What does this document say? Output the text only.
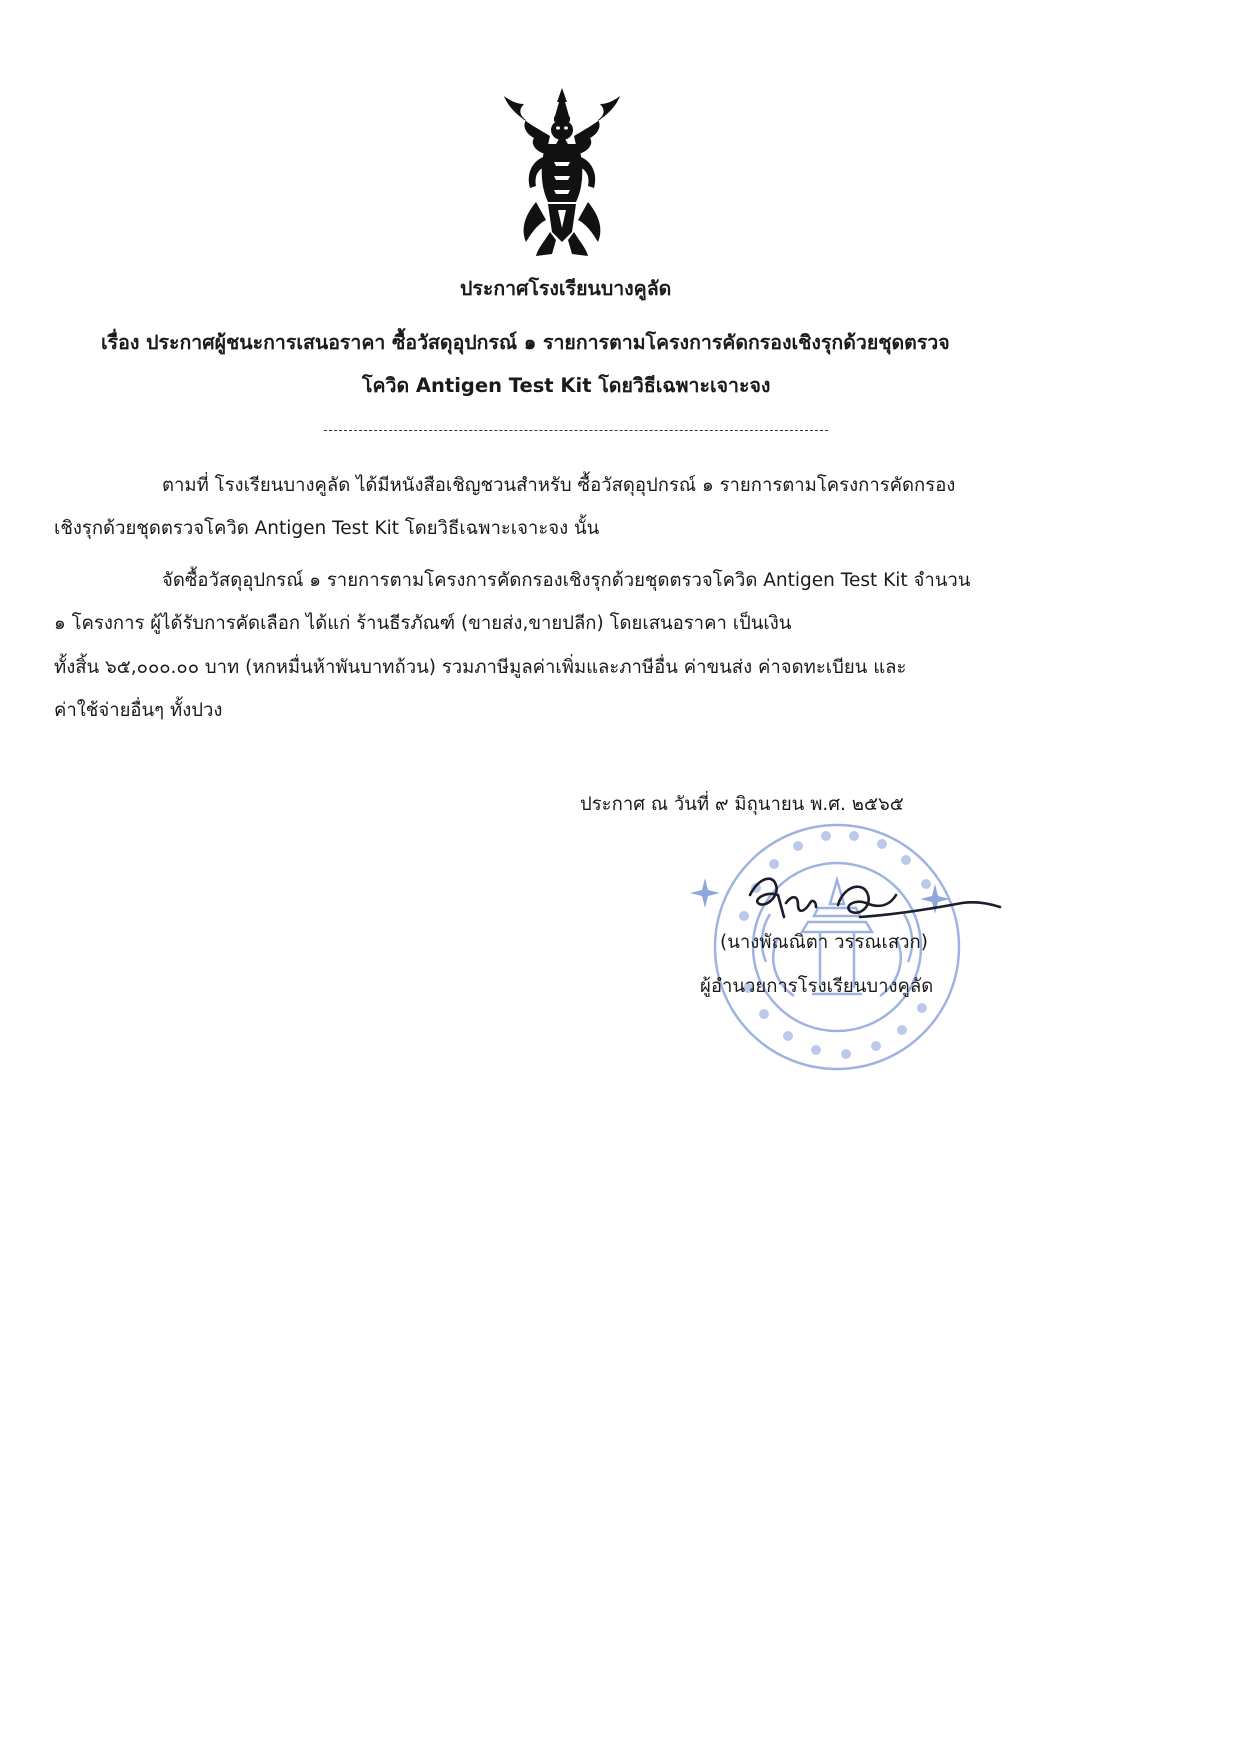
ประกาศโรงเรียนบางคูลัด
เรื่อง ประกาศผู้ชนะการเสนอราคา ซื้อวัสดุอุปกรณ์ ๑ รายการตามโครงการคัดกรองเชิงรุกด้วยชุดตรวจ
โควิด Antigen Test Kit โดยวิธีเฉพาะเจาะจง
ตามที่ โรงเรียนบางคูลัด ได้มีหนังสือเชิญชวนสำหรับ ซื้อวัสดุอุปกรณ์ ๑ รายการตามโครงการคัดกรอง
เชิงรุกด้วยชุดตรวจโควิด Antigen Test Kit โดยวิธีเฉพาะเจาะจง นั้น
จัดซื้อวัสดุอุปกรณ์ ๑ รายการตามโครงการคัดกรองเชิงรุกด้วยชุดตรวจโควิด Antigen Test Kit จำนวน
๑ โครงการ ผู้ได้รับการคัดเลือก ได้แก่ ร้านธีรภัณฑ์ (ขายส่ง,ขายปลีก) โดยเสนอราคา เป็นเงิน
ทั้งสิ้น ๖๕,๐๐๐.๐๐ บาท (หกหมื่นห้าพันบาทถ้วน) รวมภาษีมูลค่าเพิ่มและภาษีอื่น ค่าขนส่ง ค่าจดทะเบียน และ
ค่าใช้จ่ายอื่นๆ ทั้งปวง
ประกาศ ณ วันที่ ๙ มิถุนายน พ.ศ. ๒๕๖๕
(นางพัณณิตา วรรณเสวก)
ผู้อำนวยการโรงเรียนบางคูลัด
